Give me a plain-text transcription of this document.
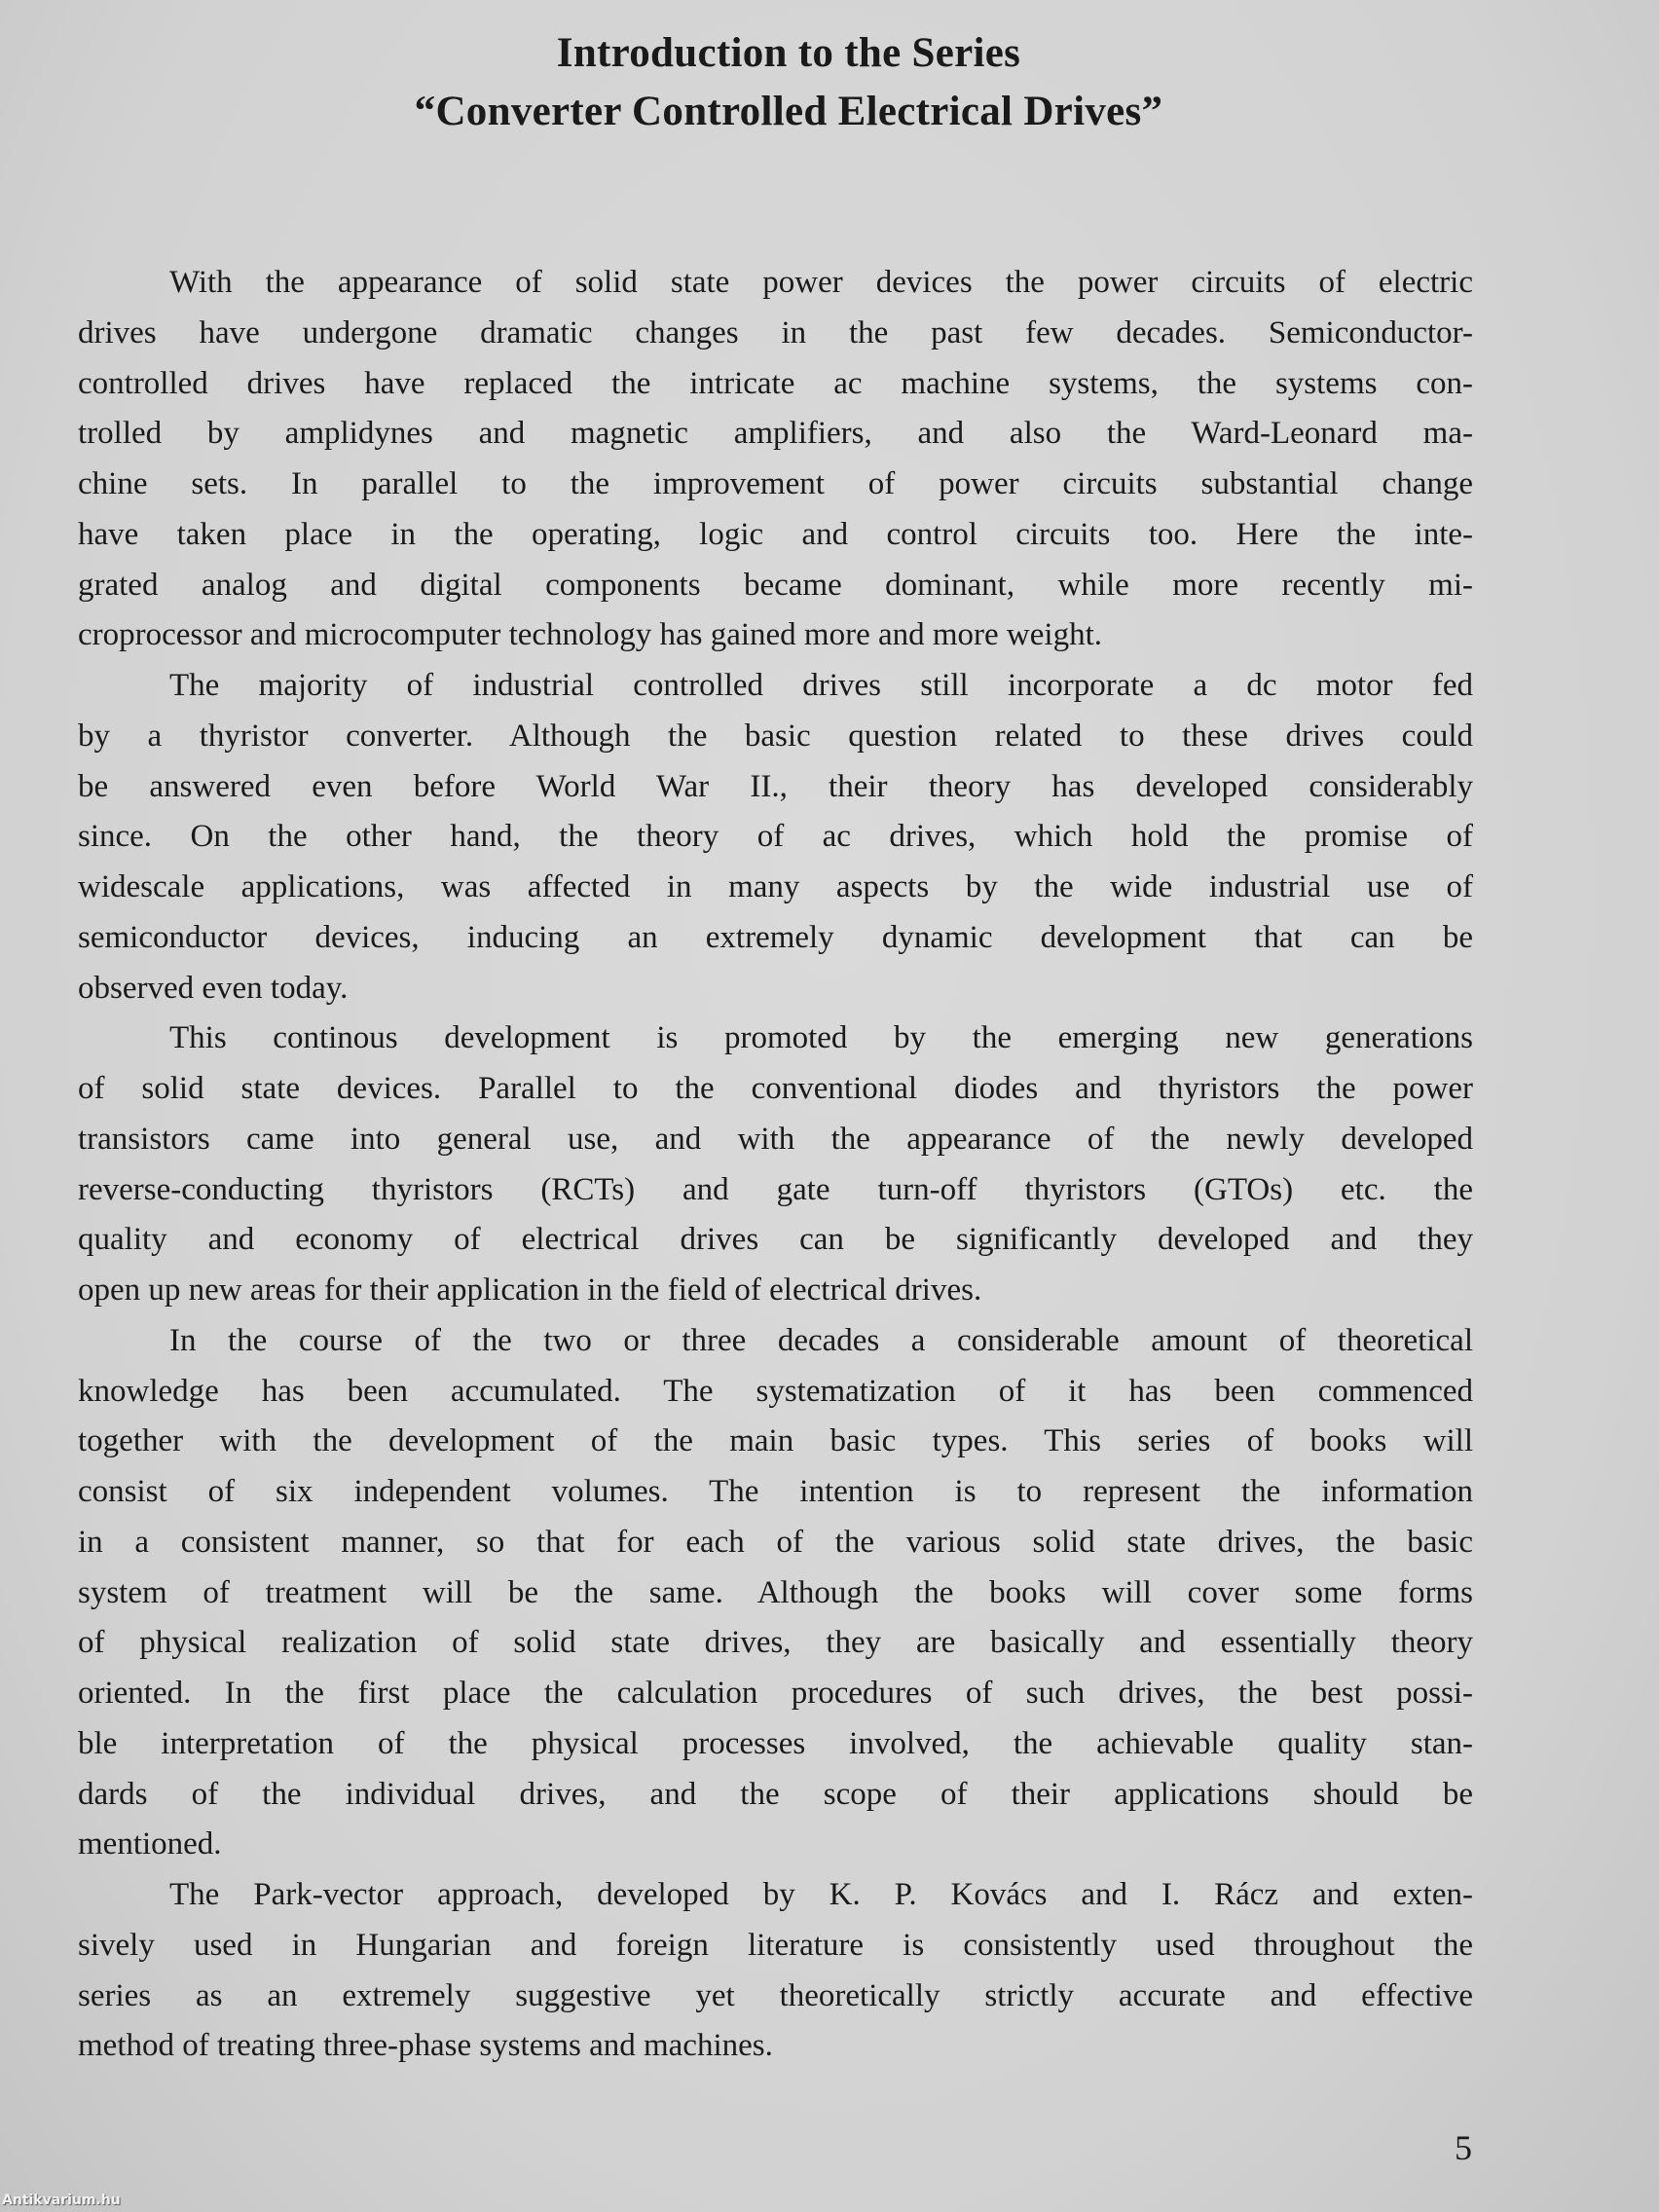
Introduction to the Series
“Converter Controlled Electrical Drives”
With the appearance of solid state power devices the power circuits of electric
drives have undergone dramatic changes in the past few decades. Semiconductor-
controlled drives have replaced the intricate ac machine systems, the systems con-
trolled by amplidynes and magnetic amplifiers, and also the Ward-Leonard ma-
chine sets. In parallel to the improvement of power circuits substantial change
have taken place in the operating, logic and control circuits too. Here the inte-
grated analog and digital components became dominant, while more recently mi-
croprocessor and microcomputer technology has gained more and more weight.
The majority of industrial controlled drives still incorporate a dc motor fed
by a thyristor converter. Although the basic question related to these drives could
be answered even before World War II., their theory has developed considerably
since. On the other hand, the theory of ac drives, which hold the promise of
widescale applications, was affected in many aspects by the wide industrial use of
semiconductor devices, inducing an extremely dynamic development that can be
observed even today.
This continous development is promoted by the emerging new generations
of solid state devices. Parallel to the conventional diodes and thyristors the power
transistors came into general use, and with the appearance of the newly developed
reverse-conducting thyristors (RCTs) and gate turn-off thyristors (GTOs) etc. the
quality and economy of electrical drives can be significantly developed and they
open up new areas for their application in the field of electrical drives.
In the course of the two or three decades a considerable amount of theoretical
knowledge has been accumulated. The systematization of it has been commenced
together with the development of the main basic types. This series of books will
consist of six independent volumes. The intention is to represent the information
in a consistent manner, so that for each of the various solid state drives, the basic
system of treatment will be the same. Although the books will cover some forms
of physical realization of solid state drives, they are basically and essentially theory
oriented. In the first place the calculation procedures of such drives, the best possi-
ble interpretation of the physical processes involved, the achievable quality stan-
dards of the individual drives, and the scope of their applications should be
mentioned.
The Park-vector approach, developed by K. P. Kovács and I. Rácz and exten-
sively used in Hungarian and foreign literature is consistently used throughout the
series as an extremely suggestive yet theoretically strictly accurate and effective
method of treating three-phase systems and machines.
5
Antikvarium.hu
